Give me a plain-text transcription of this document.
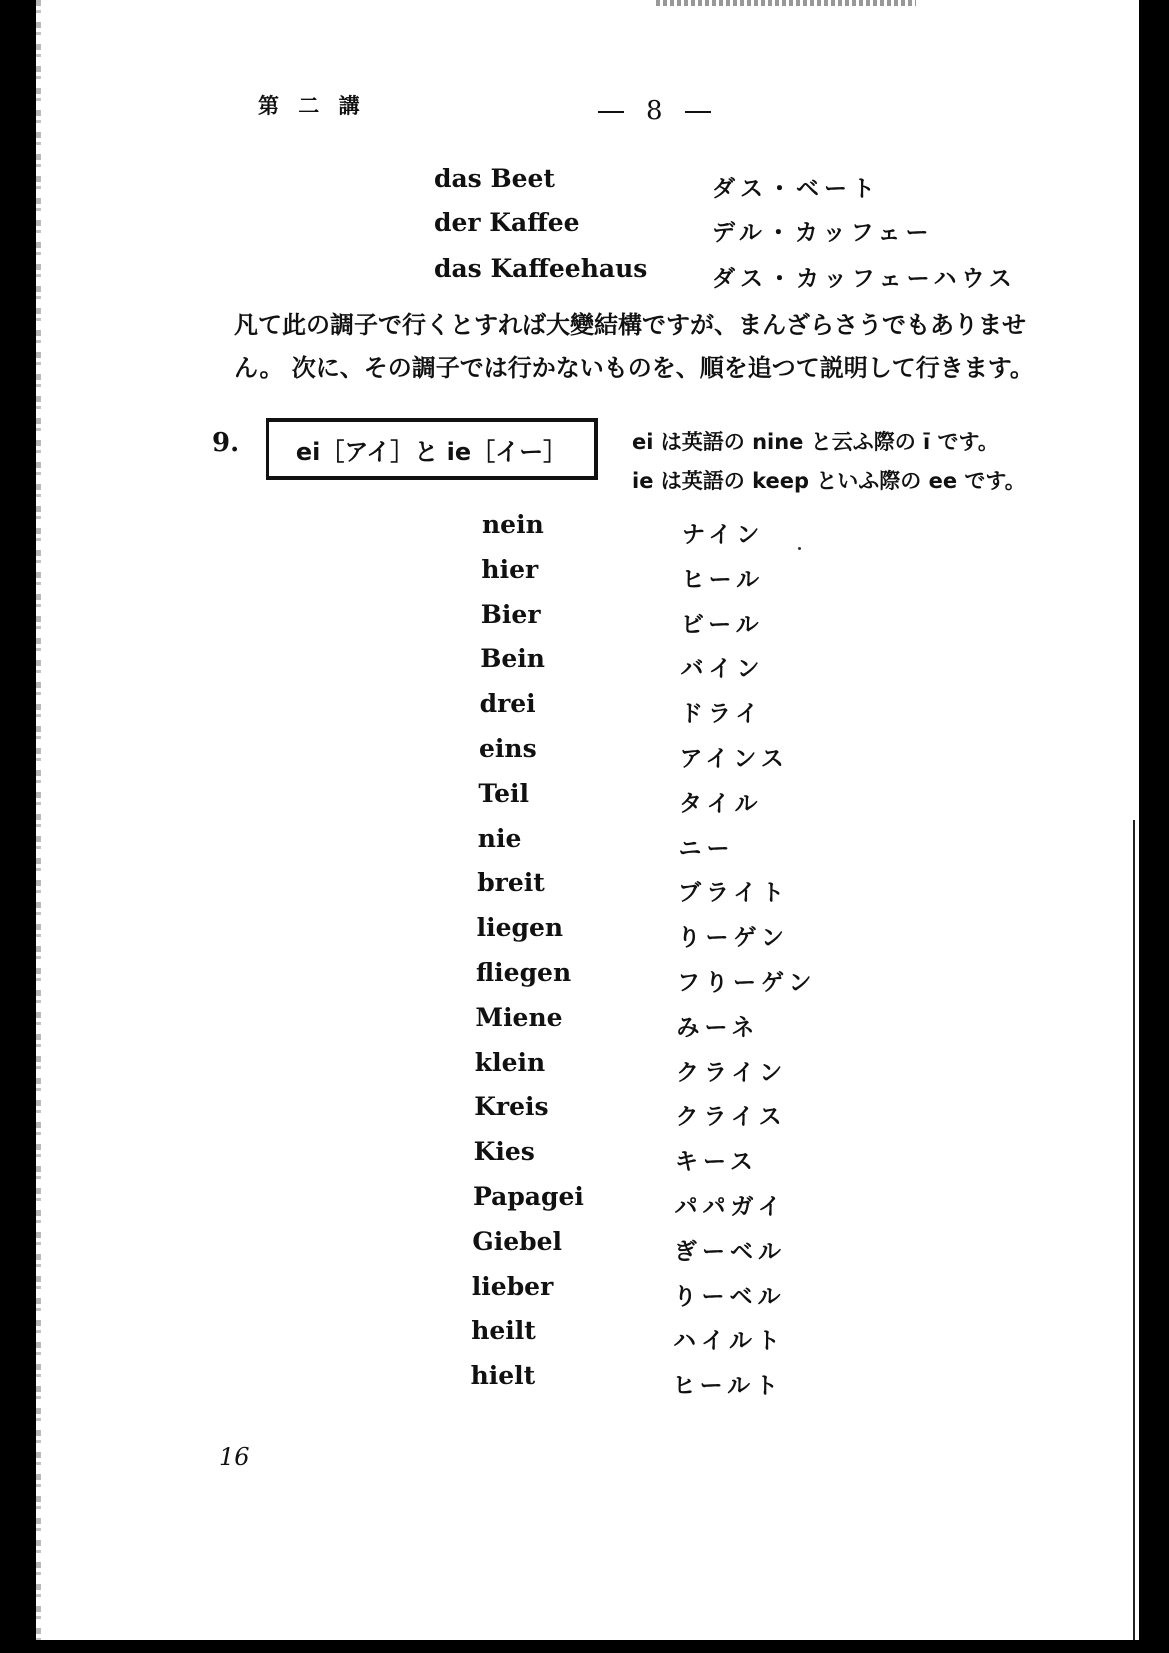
第 二 講	8
das Beet	ダス・ベート
der Kaffee	デル・カッフェー
das Kaffeehaus	ダス・カッフェーハウス
凡て此の調子で行くとすれば大變結構ですが、まんざらさうでもありませ
ん。 次に、その調子では行かないものを、順を追つて説明して行きます。
9. ei［アイ］と ie［イー］	ei は英語の nine と云ふ際の ī です。
ie は英語の keep といふ際の ee です。
nein	ナイン
hier	ヒール
Bier	ビール
Bein	バイン
drei	ドライ
eins	アインス
Teil	タイル
nie	ニー
breit	ブライト
liegen	りーゲン
fliegen	フりーゲン
Miene	みーネ
klein	クライン
Kreis	クライス
Kies	キース
Papagei	パパガイ
Giebel	ぎーベル
lieber	りーベル
heilt	ハイルト
hielt	ヒールト
16
